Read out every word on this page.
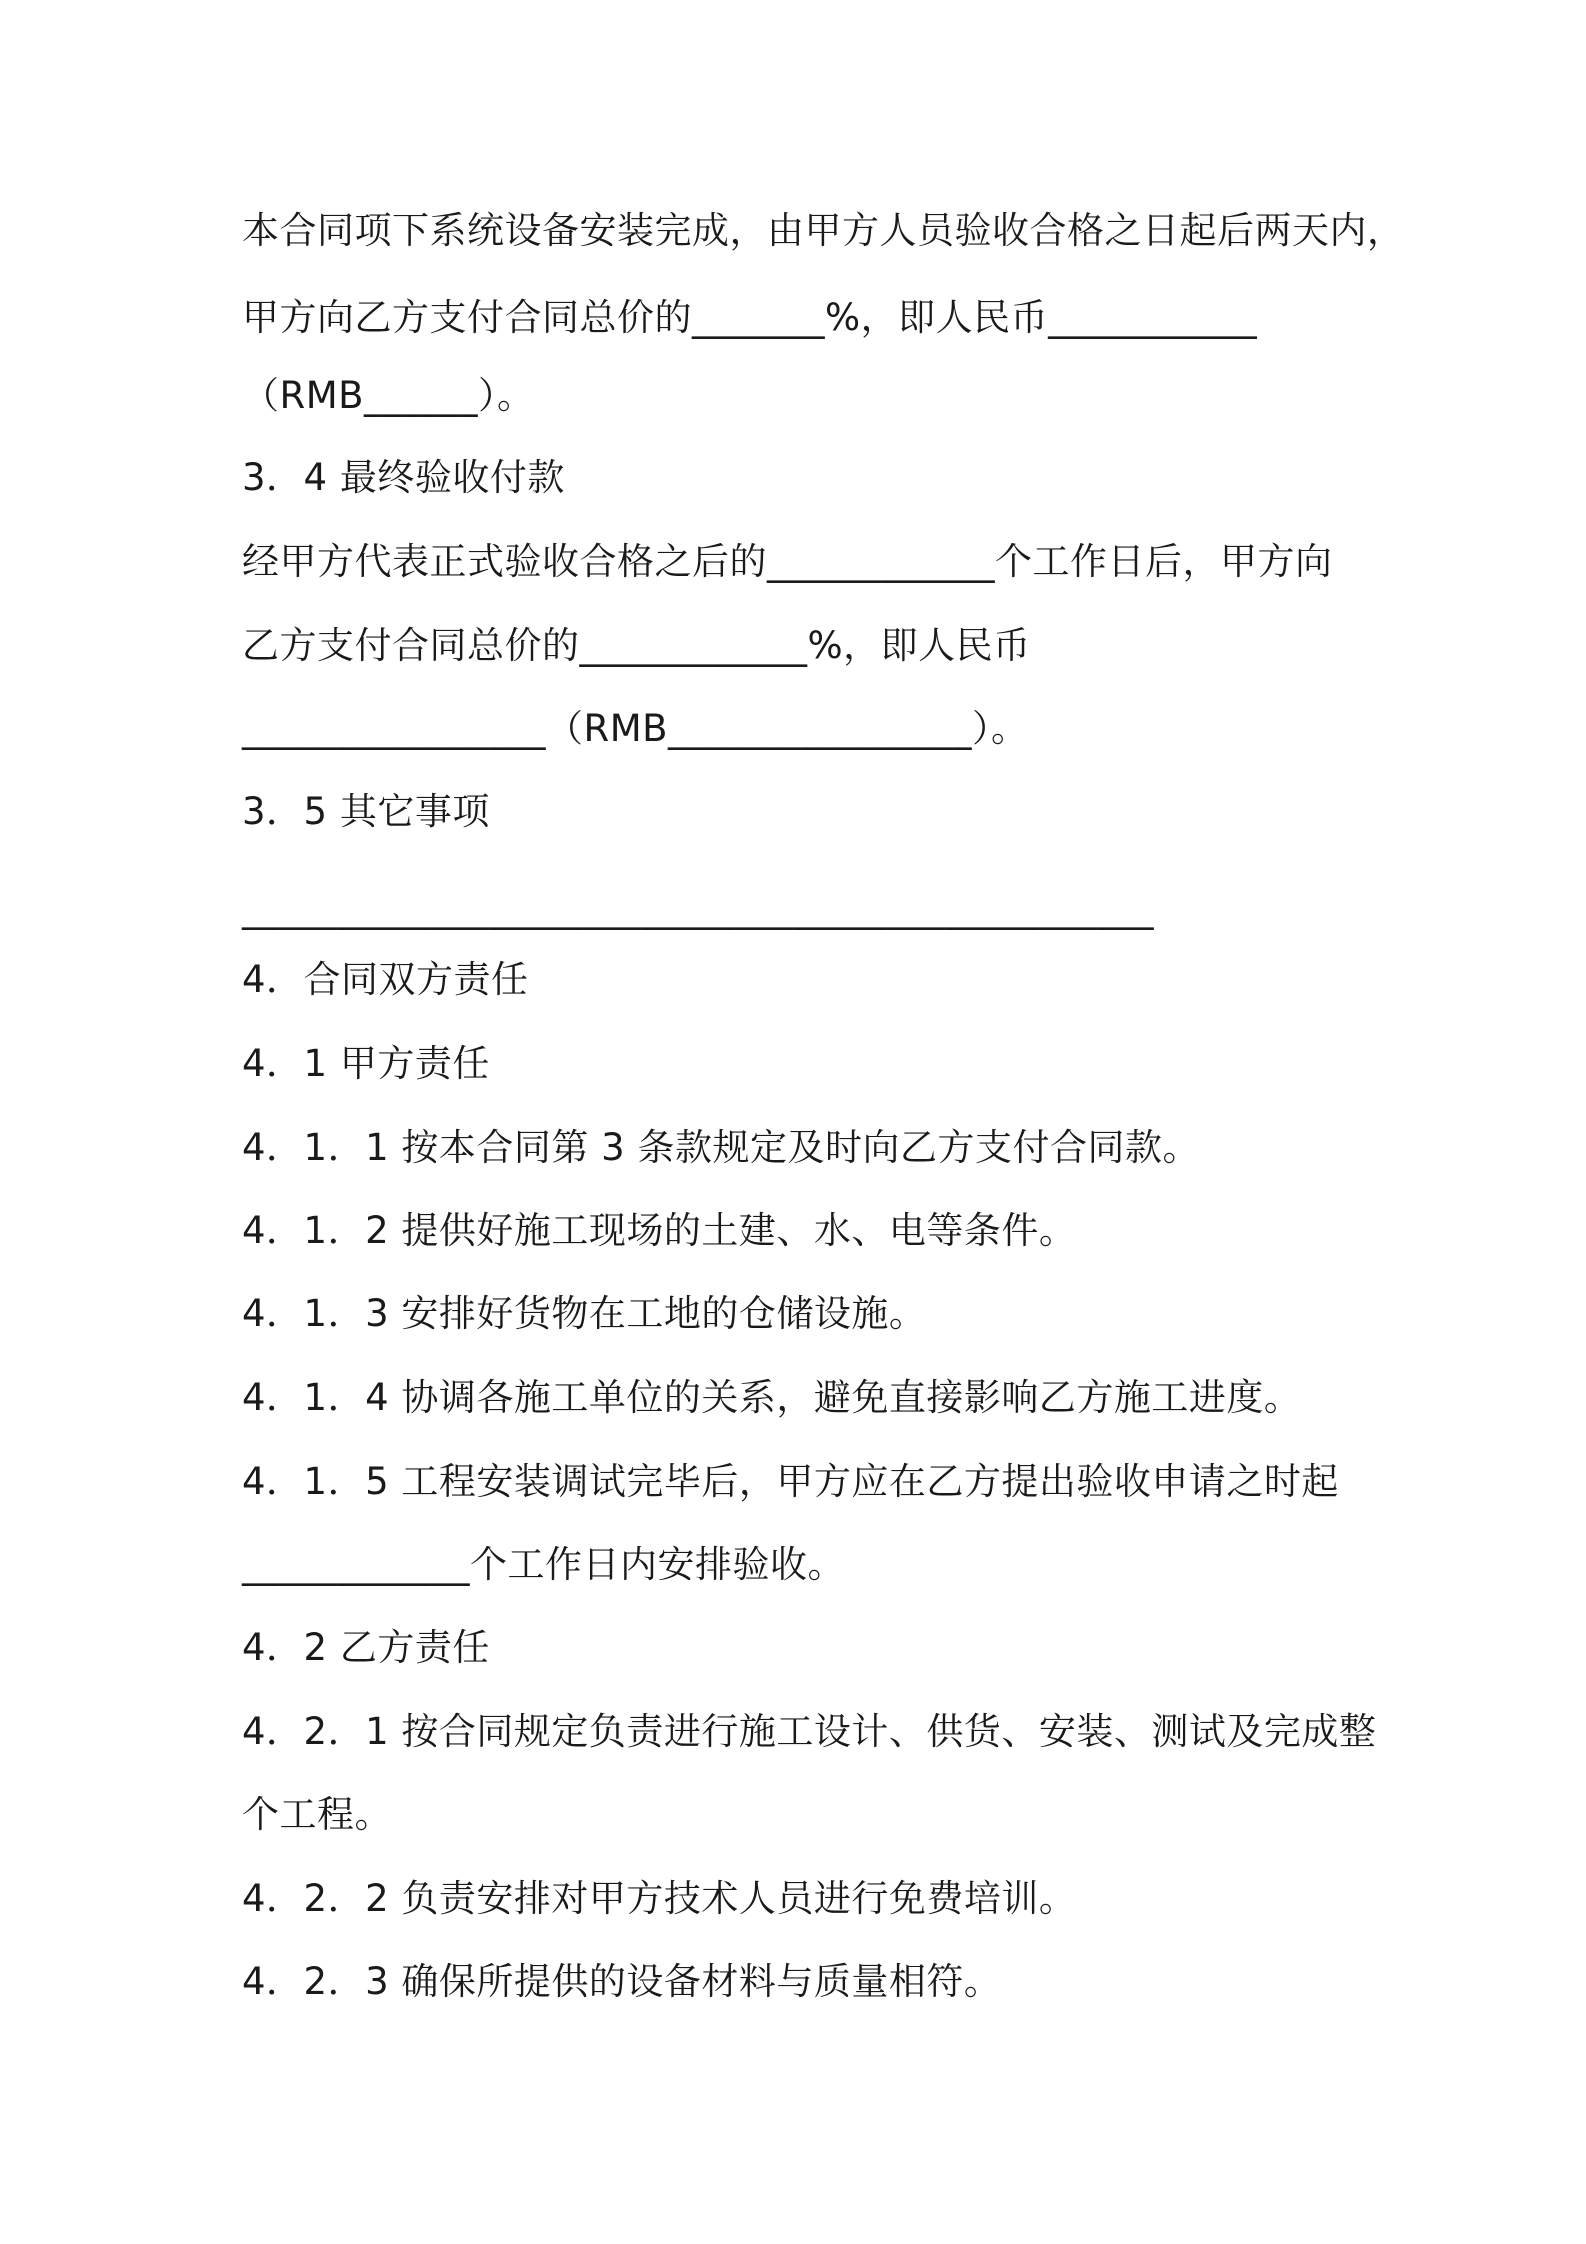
本合同项下系统设备安装完成，由甲方人员验收合格之日起后两天内，
甲方向乙方支付合同总价的_______%，即人民币___________
（RMB______）。
3．4 最终验收付款
经甲方代表正式验收合格之后的____________个工作日后，甲方向
乙方支付合同总价的____________%，即人民币
________________（RMB________________）。
3．5 其它事项
________________________________________________
4．合同双方责任
4．1 甲方责任
4．1．1 按本合同第 3 条款规定及时向乙方支付合同款。
4．1．2 提供好施工现场的土建、水、电等条件。
4．1．3 安排好货物在工地的仓储设施。
4．1．4 协调各施工单位的关系，避免直接影响乙方施工进度。
4．1．5 工程安装调试完毕后，甲方应在乙方提出验收申请之时起
____________个工作日内安排验收。
4．2 乙方责任
4．2．1 按合同规定负责进行施工设计、供货、安装、测试及完成整
个工程。
4．2．2 负责安排对甲方技术人员进行免费培训。
4．2．3 确保所提供的设备材料与质量相符。
